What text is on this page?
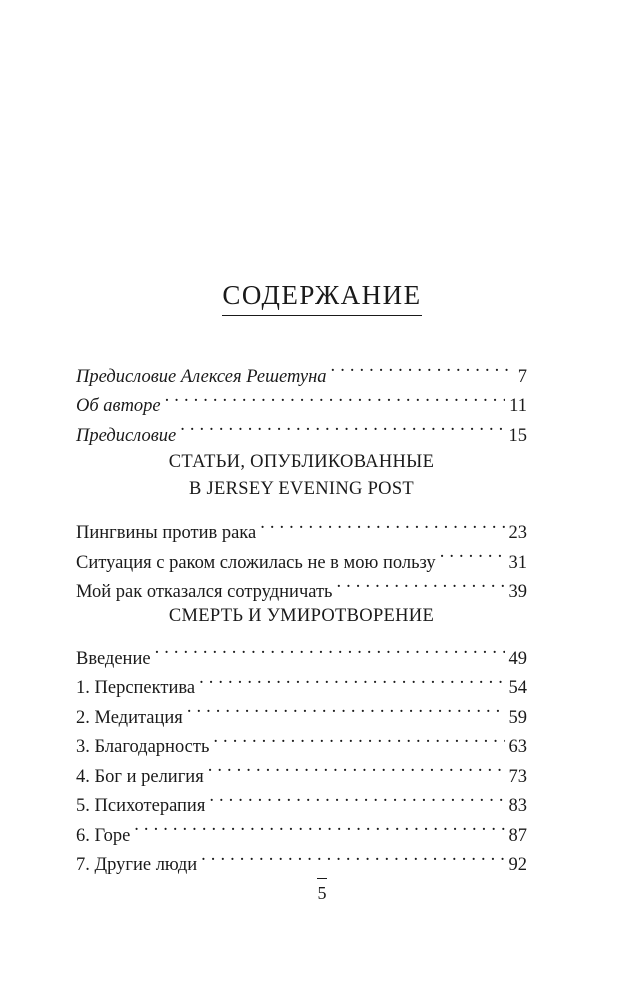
СОДЕРЖАНИЕ
Предисловие Алексея Решетуна . . .	7
Об авторе . . .	11
Предисловие . . .	15
СТАТЬИ, ОПУБЛИКОВАННЫЕ
В JERSEY EVENING POST
Пингвины против рака . . .	23
Ситуация с раком сложилась не в мою пользу . . .	31
Мой рак отказался сотрудничать . . .	39
СМЕРТЬ И УМИРОТВОРЕНИЕ
Введение . . .	49
1. Перспектива . . .	54
2. Медитация . . .	59
3. Благодарность . . .	63
4. Бог и религия . . .	73
5. Психотерапия . . .	83
6. Горе . . .	87
7. Другие люди . . .	92
5
